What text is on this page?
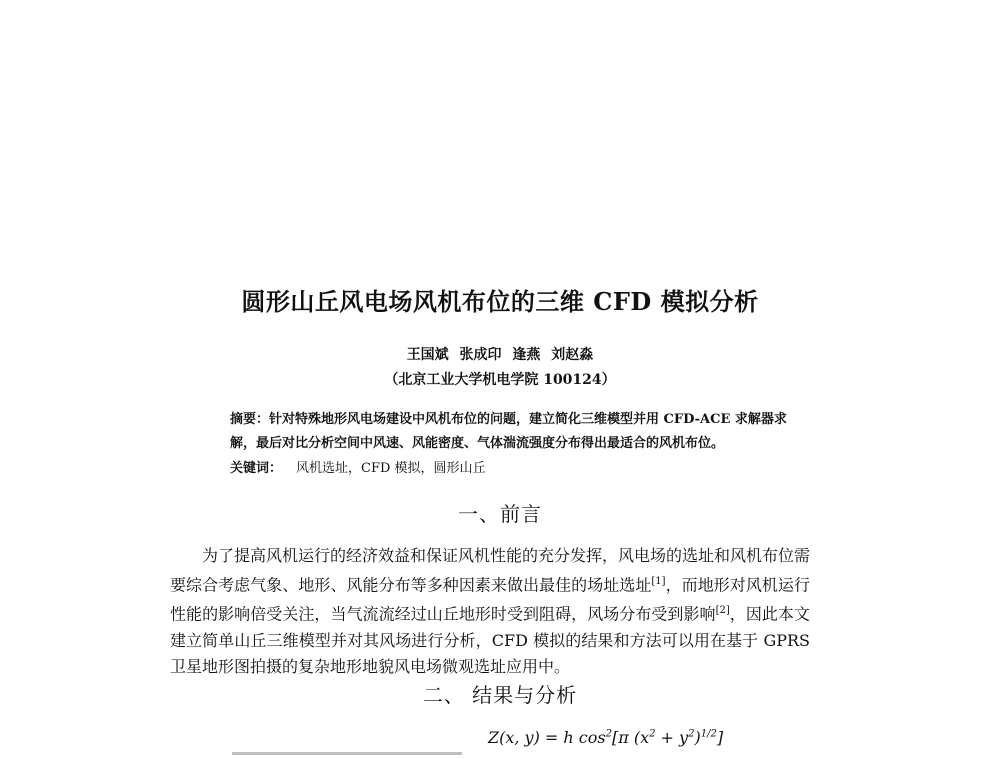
圆形山丘风电场风机布位的三维 CFD 模拟分析
王国斌 张成印 逢燕 刘赵淼
（北京工业大学机电学院 100124）
摘要：针对特殊地形风电场建设中风机布位的问题，建立简化三维模型并用 CFD-ACE 求解器求解，最后对比分析空间中风速、风能密度、气体湍流强度分布得出最适合的风机布位。
关键词： 风机选址，CFD 模拟，圆形山丘
一、前言
为了提高风机运行的经济效益和保证风机性能的充分发挥，风电场的选址和风机布位需要综合考虑气象、地形、风能分布等多种因素来做出最佳的场址选址[1]，而地形对风机运行性能的影响倍受关注，当气流流经过山丘地形时受到阻碍，风场分布受到影响[2]，因此本文建立简单山丘三维模型并对其风场进行分析，CFD 模拟的结果和方法可以用在基于 GPRS 卫星地形图拍摄的复杂地形地貌风电场微观选址应用中。
二、 结果与分析
Z(x, y) = h $\cos^2[\pi$ $(x^2 + y^2)^{1/2}$]
